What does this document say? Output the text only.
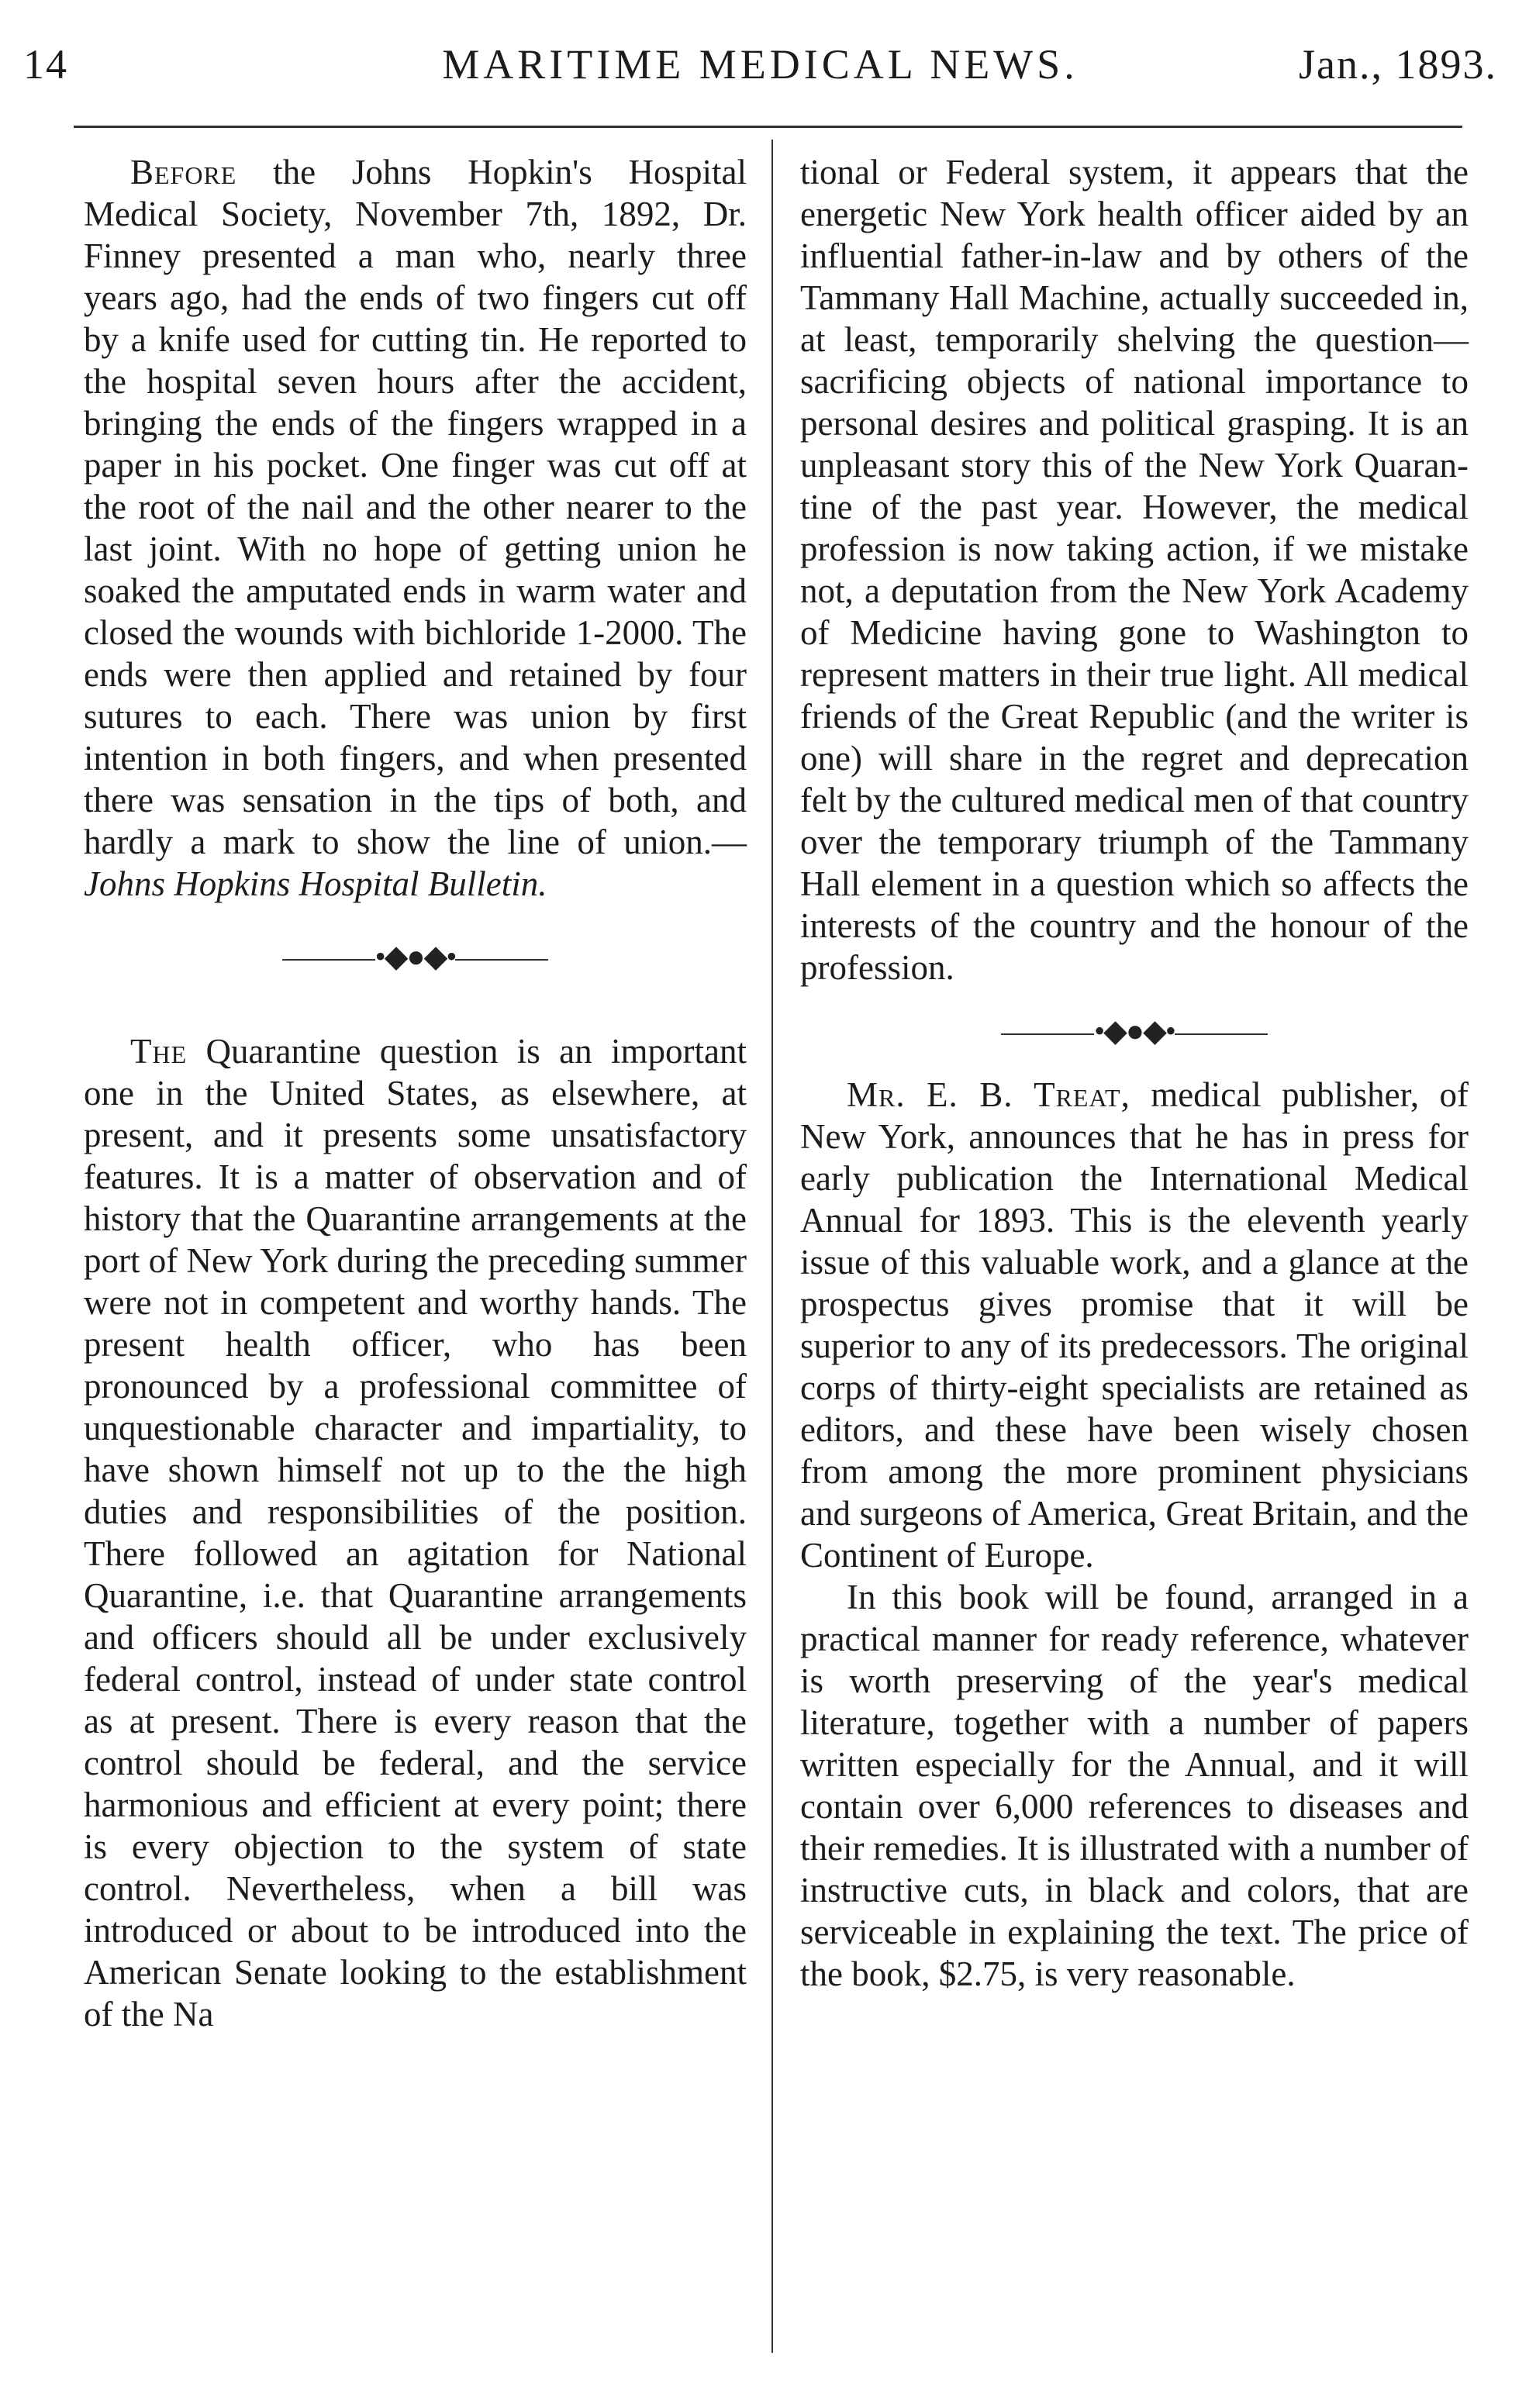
14	MARITIME MEDICAL NEWS.	Jan., 1893.

Before the Johns Hopkin's Hospital Medical Society, November 7th, 1892, Dr. Finney presented a man who, nearly three years ago, had the ends of two fingers cut off by a knife used for cutting tin. He reported to the hospital seven hours after the accident, bringing the ends of the fingers wrapped in a paper in his pocket. One finger was cut off at the root of the nail and the other nearer to the last joint. With no hope of getting union he soaked the amputated ends in warm water and closed the wounds with bichloride 1-2000. The ends were then applied and retained by four sutures to each. There was union by first intention in both fingers, and when presented there was sensation in the tips of both, and hardly a mark to show the line of union.—Johns Hopkins Hospital Bulletin.

•◆●◆•

The Quarantine question is an important one in the United States, as elsewhere, at present, and it presents some unsatisfactory features. It is a matter of observation and of history that the Quarantine arrangements at the port of New York during the preceding summer were not in competent and worthy hands. The present health officer, who has been pronounced by a professional committee of unquestionable character and impartiality, to have shown himself not up to the the high duties and responsibilities of the position. There followed an agitation for National Quarantine, i.e. that Quarantine arrangements and officers should all be under exclusively federal control, instead of under state control as at present. There is every reason that the control should be federal, and the service harmonious and efficient at every point; there is every objection to the system of state control. Nevertheless, when a bill was introduced or about to be introduced into the American Senate looking to the establishment of the Na

tional or Federal system, it appears that the energetic New York health officer aided by an influential father-in-law and by others of the Tammany Hall Machine, actually succeeded in, at least, temporarily shelving the question—sacrificing objects of national importance to personal desires and political grasping. It is an unpleasant story this of the New York Quarantine of the past year. However, the medical profession is now taking action, if we mistake not, a deputation from the New York Academy of Medicine having gone to Washington to represent matters in their true light. All medical friends of the Great Republic (and the writer is one) will share in the regret and deprecation felt by the cultured medical men of that country over the temporary triumph of the Tammany Hall element in a question which so affects the interests of the country and the honour of the profession.

•◆●◆•

Mr. E. B. Treat, medical publisher, of New York, announces that he has in press for early publication the International Medical Annual for 1893. This is the eleventh yearly issue of this valuable work, and a glance at the prospectus gives promise that it will be superior to any of its predecessors. The original corps of thirty-eight specialists are retained as editors, and these have been wisely chosen from among the more prominent physicians and surgeons of America, Great Britain, and the Continent of Europe.

In this book will be found, arranged in a practical manner for ready reference, whatever is worth preserving of the year's medical literature, together with a number of papers written especially for the Annual, and it will contain over 6,000 references to diseases and their remedies. It is illustrated with a number of instructive cuts, in black and colors, that are serviceable in explaining the text. The price of the book, $2.75, is very reasonable.
